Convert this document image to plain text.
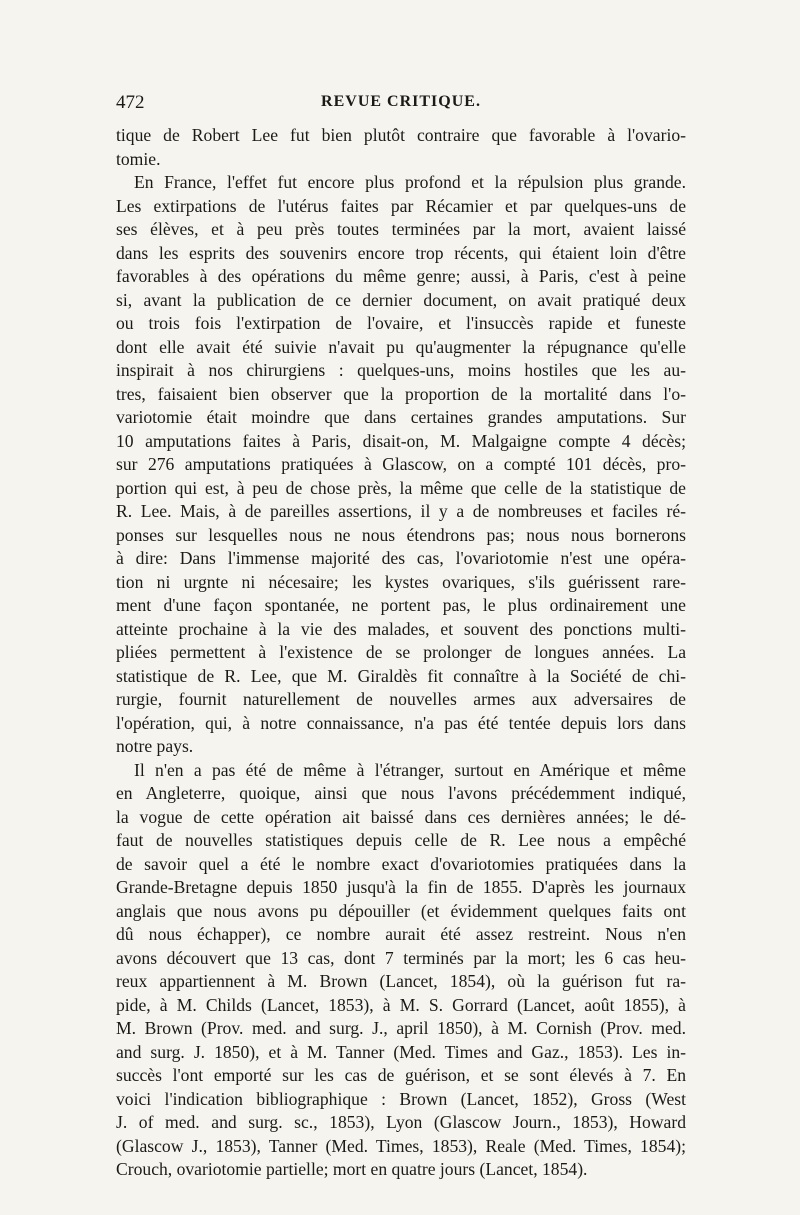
472	REVUE CRITIQUE.
tique de Robert Lee fut bien plutôt contraire que favorable à l'ovario-
tomie.
En France, l'effet fut encore plus profond et la répulsion plus grande.
Les extirpations de l'utérus faites par Récamier et par quelques-uns de
ses élèves, et à peu près toutes terminées par la mort, avaient laissé
dans les esprits des souvenirs encore trop récents, qui étaient loin d'être
favorables à des opérations du même genre; aussi, à Paris, c'est à peine
si, avant la publication de ce dernier document, on avait pratiqué deux
ou trois fois l'extirpation de l'ovaire, et l'insuccès rapide et funeste
dont elle avait été suivie n'avait pu qu'augmenter la répugnance qu'elle
inspirait à nos chirurgiens : quelques-uns, moins hostiles que les au-
tres, faisaient bien observer que la proportion de la mortalité dans l'o-
variotomie était moindre que dans certaines grandes amputations. Sur
10 amputations faites à Paris, disait-on, M. Malgaigne compte 4 décès;
sur 276 amputations pratiquées à Glascow, on a compté 101 décès, pro-
portion qui est, à peu de chose près, la même que celle de la statistique de
R. Lee. Mais, à de pareilles assertions, il y a de nombreuses et faciles ré-
ponses sur lesquelles nous ne nous étendrons pas; nous nous bornerons
à dire: Dans l'immense majorité des cas, l'ovariotomie n'est une opéra-
tion ni urgnte ni nécesaire; les kystes ovariques, s'ils guérissent rare-
ment d'une façon spontanée, ne portent pas, le plus ordinairement une
atteinte prochaine à la vie des malades, et souvent des ponctions multi-
pliées permettent à l'existence de se prolonger de longues années. La
statistique de R. Lee, que M. Giraldès fit connaître à la Société de chi-
rurgie, fournit naturellement de nouvelles armes aux adversaires de
l'opération, qui, à notre connaissance, n'a pas été tentée depuis lors dans
notre pays.
Il n'en a pas été de même à l'étranger, surtout en Amérique et même
en Angleterre, quoique, ainsi que nous l'avons précédemment indiqué,
la vogue de cette opération ait baissé dans ces dernières années; le dé-
faut de nouvelles statistiques depuis celle de R. Lee nous a empêché
de savoir quel a été le nombre exact d'ovariotomies pratiquées dans la
Grande-Bretagne depuis 1850 jusqu'à la fin de 1855. D'après les journaux
anglais que nous avons pu dépouiller (et évidemment quelques faits ont
dû nous échapper), ce nombre aurait été assez restreint. Nous n'en
avons découvert que 13 cas, dont 7 terminés par la mort; les 6 cas heu-
reux appartiennent à M. Brown (Lancet, 1854), où la guérison fut ra-
pide, à M. Childs (Lancet, 1853), à M. S. Gorrard (Lancet, août 1855), à
M. Brown (Prov. med. and surg. J., april 1850), à M. Cornish (Prov. med.
and surg. J. 1850), et à M. Tanner (Med. Times and Gaz., 1853). Les in-
succès l'ont emporté sur les cas de guérison, et se sont élevés à 7. En
voici l'indication bibliographique : Brown (Lancet, 1852), Gross (West
J. of med. and surg. sc., 1853), Lyon (Glascow Journ., 1853), Howard
(Glascow J., 1853), Tanner (Med. Times, 1853), Reale (Med. Times, 1854);
Crouch, ovariotomie partielle; mort en quatre jours (Lancet, 1854).
